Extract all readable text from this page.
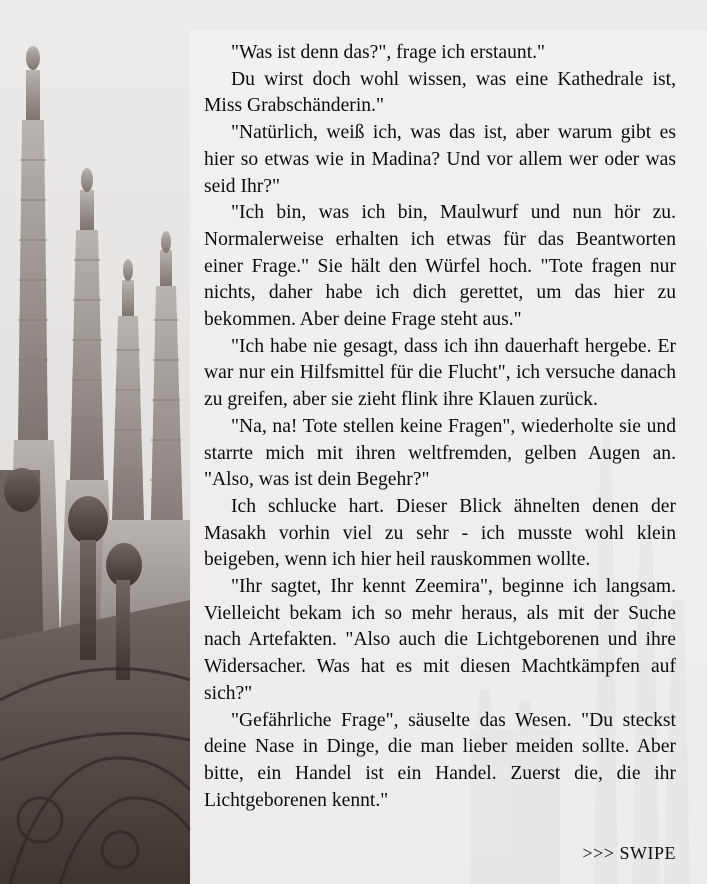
"Was ist denn das?", frage ich erstaunt."

Du wirst doch wohl wissen, was eine Kathedrale ist, Miss Grabschänderin."

"Natürlich, weiß ich, was das ist, aber warum gibt es hier so etwas wie in Madina? Und vor allem wer oder was seid Ihr?"

"Ich bin, was ich bin, Maulwurf und nun hör zu. Normalerweise erhalten ich etwas für das Beantworten einer Frage." Sie hält den Würfel hoch. "Tote fragen nur nichts, daher habe ich dich gerettet, um das hier zu bekommen. Aber deine Frage steht aus."

"Ich habe nie gesagt, dass ich ihn dauerhaft hergebe. Er war nur ein Hilfsmittel für die Flucht", ich versuche danach zu greifen, aber sie zieht flink ihre Klauen zurück.

"Na, na! Tote stellen keine Fragen", wiederholte sie und starrte mich mit ihren weltfremden, gelben Augen an. "Also, was ist dein Begehr?"

Ich schlucke hart. Dieser Blick ähnelten denen der Masakh vorhin viel zu sehr - ich musste wohl klein beigeben, wenn ich hier heil rauskommen wollte.

"Ihr sagtet, Ihr kennt Zeemira", beginne ich langsam. Vielleicht bekam ich so mehr heraus, als mit der Suche nach Artefakten. "Also auch die Lichtgeborenen und ihre Widersacher. Was hat es mit diesen Machtkämpfen auf sich?"

"Gefährliche Frage", säuselte das Wesen. "Du steckst deine Nase in Dinge, die man lieber meiden sollte. Aber bitte, ein Handel ist ein Handel. Zuerst die, die ihr Lichtgeborenen kennt."

>>> SWIPE
